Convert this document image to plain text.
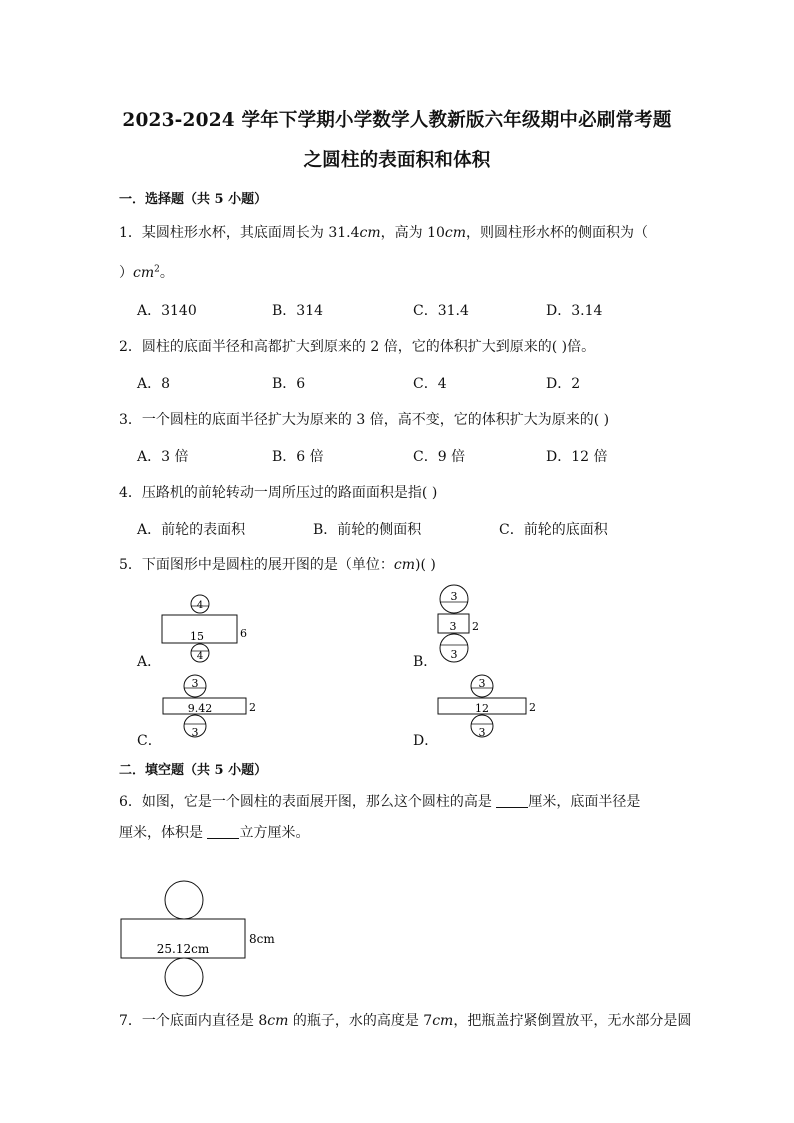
2023-2024 学年下学期小学数学人教新版六年级期中必刷常考题
之圆柱的表面积和体积
一．选择题（共 5 小题）
1．某圆柱形水杯，其底面周长为 31.4cm，高为 10cm，则圆柱形水杯的侧面积为（
）$cm^2$。
A．3140	B．314	C．31.4	D．3.14
2．圆柱的底面半径和高都扩大到原来的 2 倍，它的体积扩大到原来的( )倍。
A．8	B．6	C．4	D．2
3．一个圆柱的底面半径扩大为原来的 3 倍，高不变，它的体积扩大为原来的( )
A．3 倍	B．6 倍	C．9 倍	D．12 倍
4．压路机的前轮转动一周所压过的路面面积是指( )
A．前轮的表面积	B．前轮的侧面积	C．前轮的底面积
5．下面图形中是圆柱的展开图的是（单位：cm)( )
A．	B．
C．	D．
4
15	6
4
3
3 2
3
3
9.42	2
3
3
12	2
3
二．填空题（共 5 小题）
6．如图，它是一个圆柱的表面展开图，那么这个圆柱的高是 厘米，底面半径是
厘米，体积是 立方厘米。
25.12cm
8cm
7．一个底面内直径是 8cm 的瓶子，水的高度是 7cm，把瓶盖拧紧倒置放平，无水部分是圆
